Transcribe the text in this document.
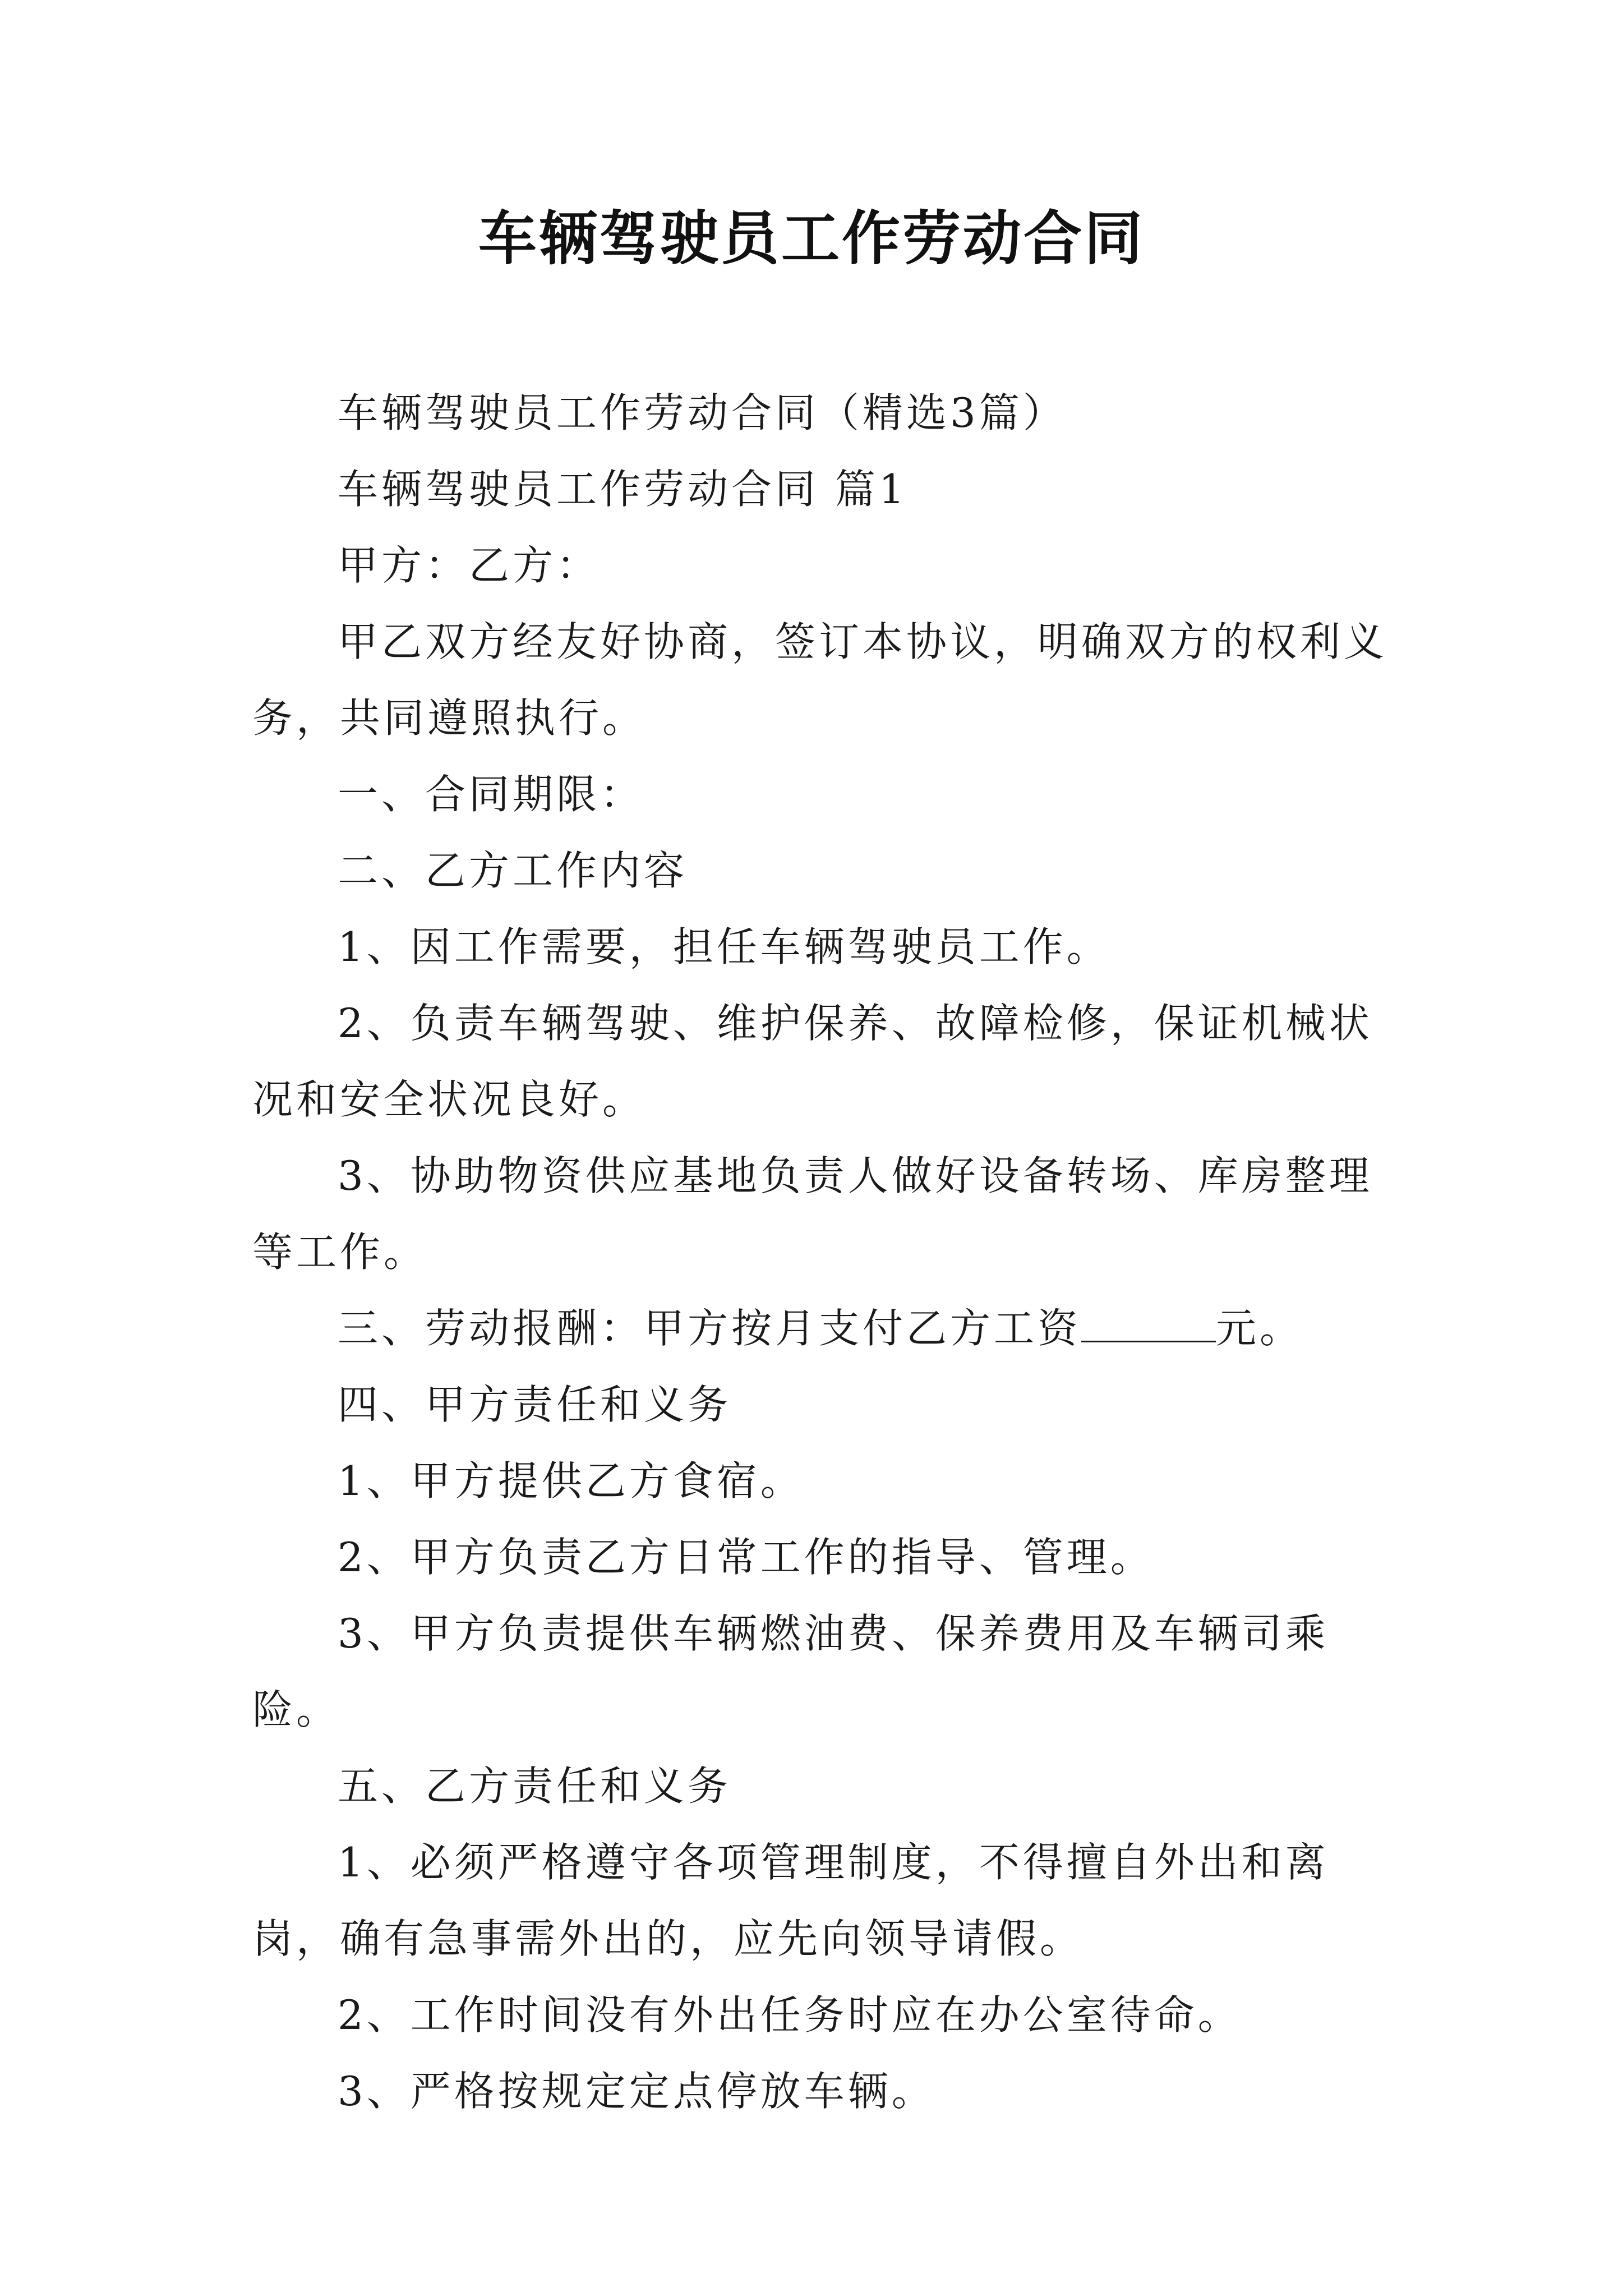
车辆驾驶员工作劳动合同

车辆驾驶员工作劳动合同（精选3篇）

车辆驾驶员工作劳动合同 篇1

甲方：乙方：

甲乙双方经友好协商，签订本协议，明确双方的权利义务，共同遵照执行。

一、合同期限：

二、乙方工作内容

1、因工作需要，担任车辆驾驶员工作。

2、负责车辆驾驶、维护保养、故障检修，保证机械状况和安全状况良好。

3、协助物资供应基地负责人做好设备转场、库房整理等工作。

三、劳动报酬：甲方按月支付乙方工资	元。

四、甲方责任和义务

1、甲方提供乙方食宿。

2、甲方负责乙方日常工作的指导、管理。

3、甲方负责提供车辆燃油费、保养费用及车辆司乘险。

五、乙方责任和义务

1、必须严格遵守各项管理制度，不得擅自外出和离岗，确有急事需外出的，应先向领导请假。

2、工作时间没有外出任务时应在办公室待命。

3、严格按规定定点停放车辆。
